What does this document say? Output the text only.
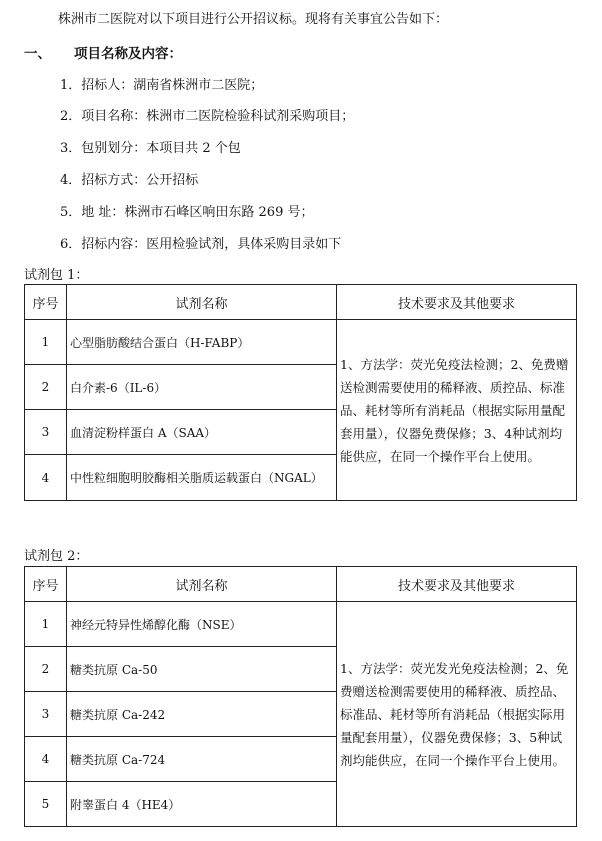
株洲市二医院对以下项目进行公开招议标。现将有关事宜公告如下：
一、 项目名称及内容：
1．招标人：湖南省株洲市二医院；
2．项目名称：株洲市二医院检验科试剂采购项目；
3．包别划分：本项目共 2 个包
4．招标方式：公开招标
5．地 址：株洲市石峰区响田东路 269 号；
6．招标内容：医用检验试剂，具体采购目录如下
试剂包 1：
序号	试剂名称	技术要求及其他要求
1	心型脂肪酸结合蛋白（H-FABP）	1、方法学：荧光免疫法检测；2、免费赠送检测需要使用的稀释液、质控品、标准品、耗材等所有消耗品（根据实际用量配套用量），仪器免费保修；3、4种试剂均能供应，在同一个操作平台上使用。
2	白介素-6（IL-6）	
3	血清淀粉样蛋白 A（SAA）	
4	中性粒细胞明胶酶相关脂质运载蛋白（NGAL）	
试剂包 2：
序号	试剂名称	技术要求及其他要求
1	神经元特异性烯醇化酶（NSE）	1、方法学：荧光发光免疫法检测；2、免费赠送检测需要使用的稀释液、质控品、标准品、耗材等所有消耗品（根据实际用量配套用量），仪器免费保修；3、5种试剂均能供应，在同一个操作平台上使用。
2	糖类抗原 Ca-50	
3	糖类抗原 Ca-242	
4	糖类抗原 Ca-724	
5	附睾蛋白 4（HE4）	
